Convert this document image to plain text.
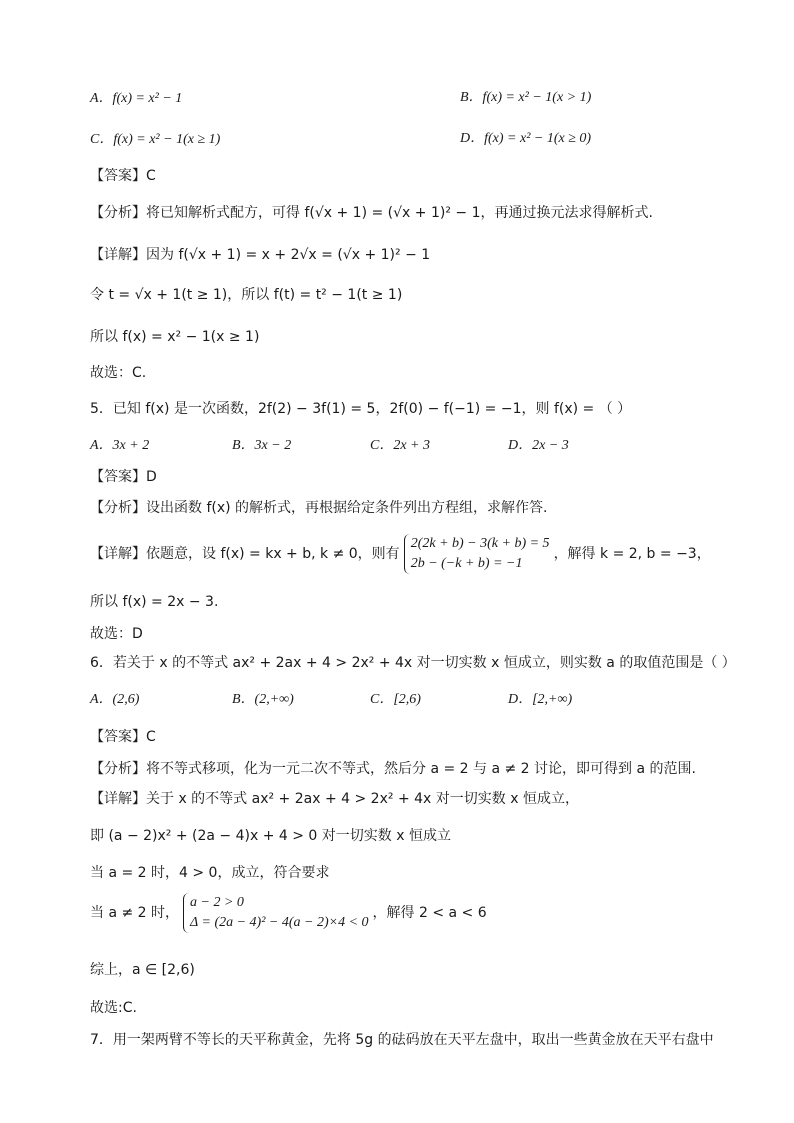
A．f(x) = x² − 1	B．f(x) = x² − 1(x > 1)
C．f(x) = x² − 1(x ≥ 1)	D．f(x) = x² − 1(x ≥ 0)
【答案】C
【分析】将已知解析式配方，可得 f(√x + 1) = (√x + 1)² − 1，再通过换元法求得解析式.
【详解】因为 f(√x + 1) = x + 2√x = (√x + 1)² − 1
令 t = √x + 1(t ≥ 1)，所以 f(t) = t² − 1(t ≥ 1)
所以 f(x) = x² − 1(x ≥ 1)
故选：C.
5．已知 f(x) 是一次函数，2f(2) − 3f(1) = 5，2f(0) − f(−1) = −1，则 f(x) = （ ）
A．3x + 2	B．3x − 2	C．2x + 3	D．2x − 3
【答案】D
【分析】设出函数 f(x) 的解析式，再根据给定条件列出方程组，求解作答.
【详解】依题意，设 f(x) = kx + b, k ≠ 0，则有
2(2k + b) − 3(k + b) = 5
2b − (−k + b) = −1
，解得 k = 2, b = −3，
所以 f(x) = 2x − 3.
故选：D
6．若关于 x 的不等式 ax² + 2ax + 4 > 2x² + 4x 对一切实数 x 恒成立，则实数 a 的取值范围是（ ）
A．(2,6)	B．(2,+∞)	C．[2,6)	D．[2,+∞)
【答案】C
【分析】将不等式移项，化为一元二次不等式，然后分 a = 2 与 a ≠ 2 讨论，即可得到 a 的范围.
【详解】关于 x 的不等式 ax² + 2ax + 4 > 2x² + 4x 对一切实数 x 恒成立，
即 (a − 2)x² + (2a − 4)x + 4 > 0 对一切实数 x 恒成立
当 a = 2 时，4 > 0，成立，符合要求
当 a ≠ 2 时，
a − 2 > 0
Δ = (2a − 4)² − 4(a − 2)×4 < 0
，解得 2 < a < 6
综上，a ∈ [2,6)
故选:C.
7．用一架两臂不等长的天平称黄金，先将 5g 的砝码放在天平左盘中，取出一些黄金放在天平右盘中
